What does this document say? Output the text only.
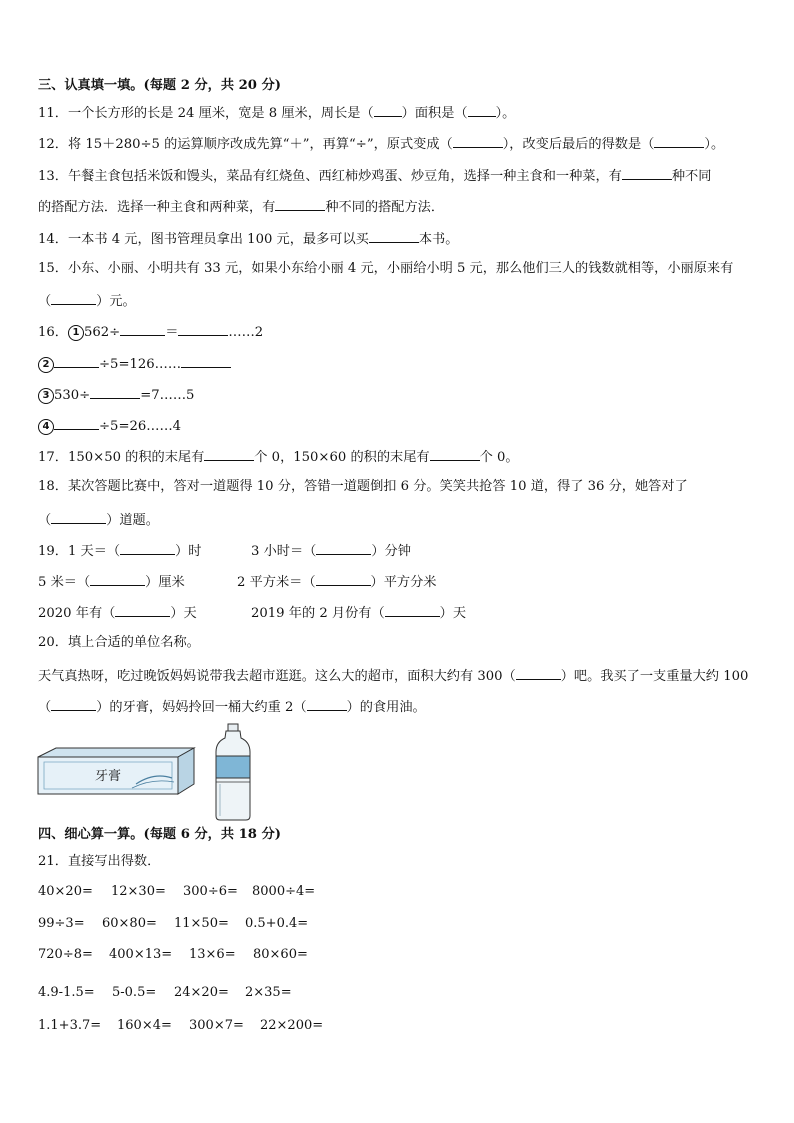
三、认真填一填。(每题 2 分，共 20 分)
11．一个长方形的长是 24 厘米，宽是 8 厘米，周长是（ ）面积是（ ）。
12．将 15＋280÷5 的运算顺序改成先算“＋”，再算“÷”，原式变成（	），改变后最后的得数是（	）。
13．午餐主食包括米饭和馒头，菜品有红烧鱼、西红柿炒鸡蛋、炒豆角，选择一种主食和一种菜，有	种不同
的搭配方法．选择一种主食和两种菜，有	种不同的搭配方法．
14．一本书 4 元，图书管理员拿出 100 元，最多可以买	本书。
15．小东、小丽、小明共有 33 元，如果小东给小丽 4 元，小丽给小明 5 元，那么他们三人的钱数就相等，小丽原来有
（	）元。
16． 1 562÷	＝	……2
2	÷5=126……
3 530÷	=7……5
4	÷5=26……4
17．150×50 的积的末尾有	个 0，150×60 的积的末尾有	个 0。
18．某次答题比赛中，答对一道题得 10 分，答错一道题倒扣 6 分。笑笑共抢答 10 道，得了 36 分，她答对了
（	）道题。
19．1 天＝（	）时	3 小时＝（	）分钟
5 米＝（	）厘米	2 平方米＝（	）平方分米
2020 年有（	）天	2019 年的 2 月份有（	）天
20．填上合适的单位名称。
天气真热呀，吃过晚饭妈妈说带我去超市逛逛。这么大的超市，面积大约有 300（	）吧。我买了一支重量大约 100
（	）的牙膏，妈妈拎回一桶大约重 2（	）的食用油。
牙膏
四、细心算一算。(每题 6 分，共 18 分)
21．直接写出得数．
40×20= 12×30= 300÷6= 8000÷4=
99÷3= 60×80= 11×50= 0.5+0.4=
720÷8= 400×13= 13×6= 80×60=
4.9-1.5= 5-0.5= 24×20= 2×35=
1.1+3.7= 160×4= 300×7= 22×200=
